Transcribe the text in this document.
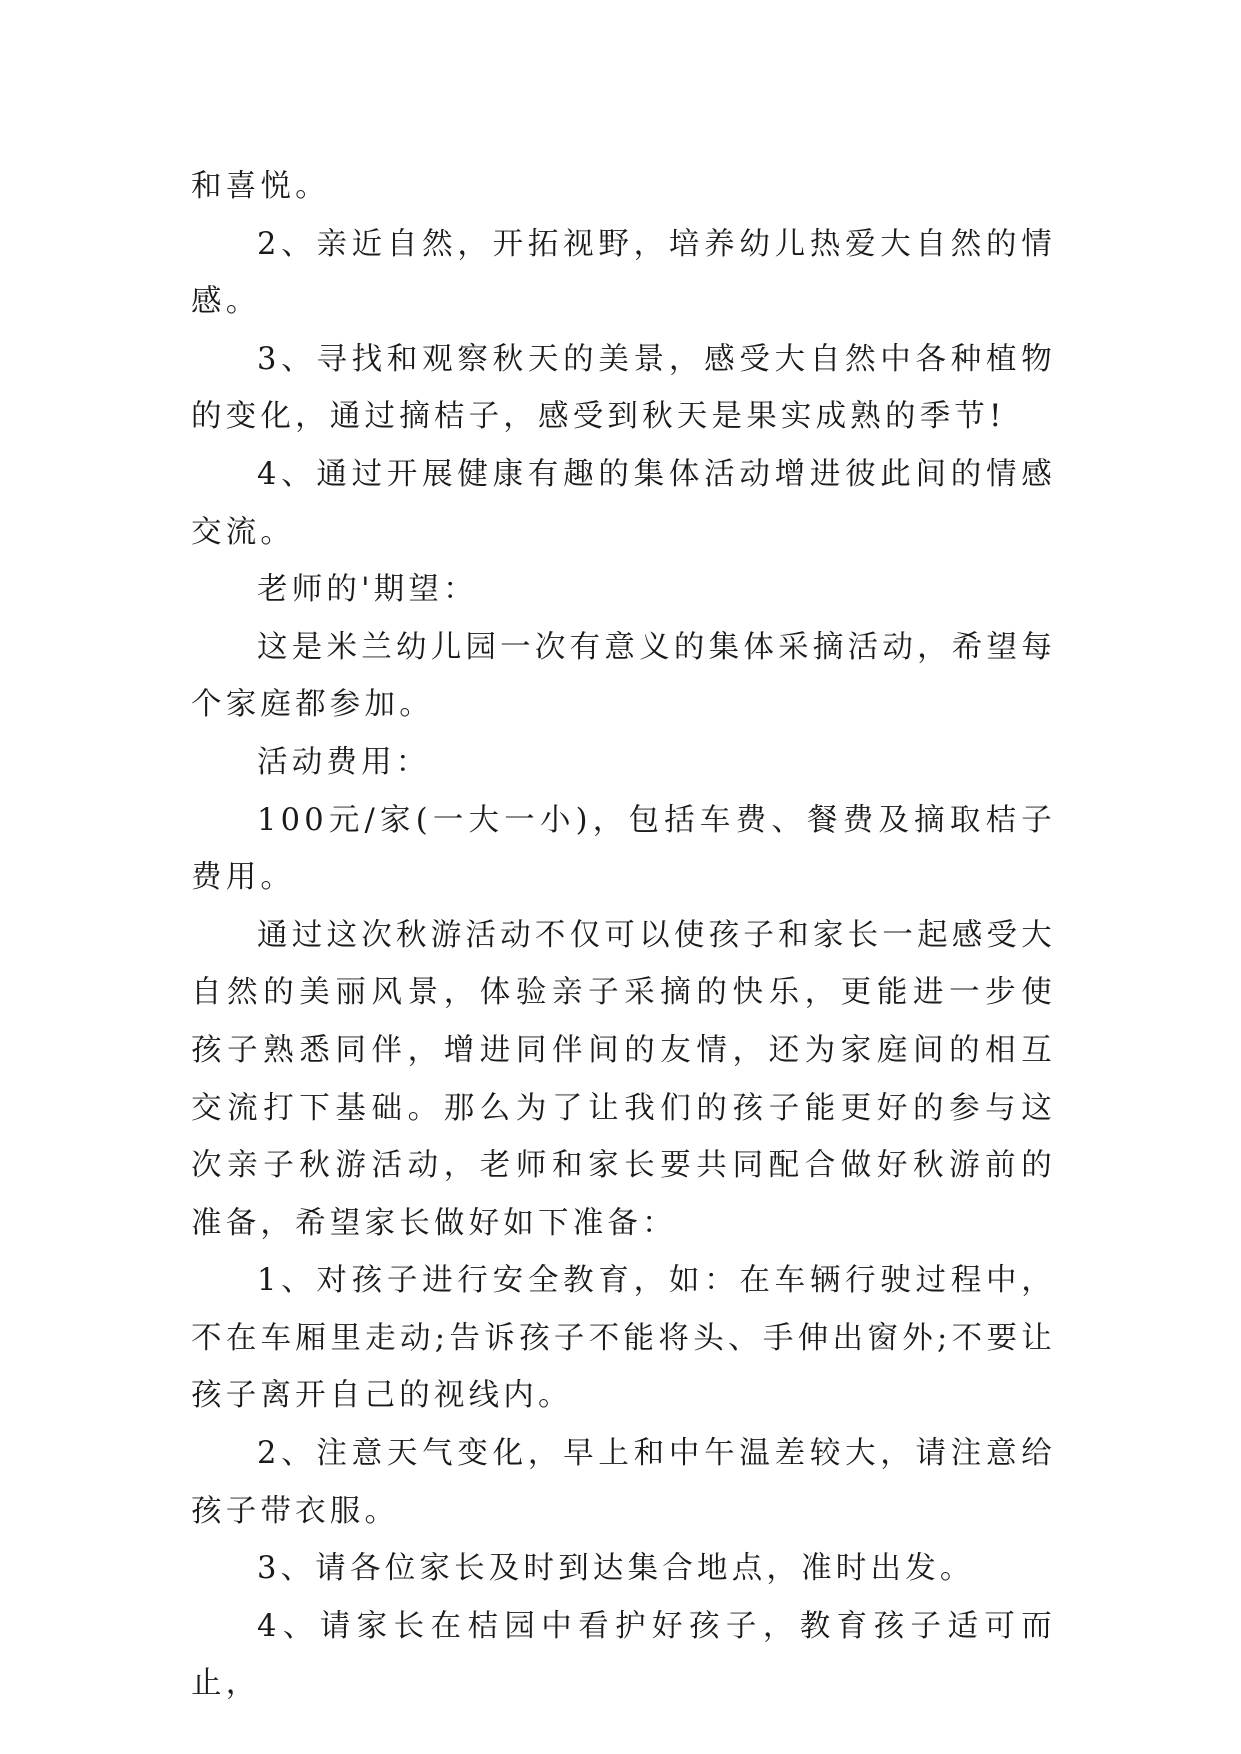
和喜悦。

2、亲近自然，开拓视野，培养幼儿热爱大自然的情感。

3、寻找和观察秋天的美景，感受大自然中各种植物的变化，通过摘桔子，感受到秋天是果实成熟的季节!

4、通过开展健康有趣的集体活动增进彼此间的情感交流。

老师的'期望：

这是米兰幼儿园一次有意义的集体采摘活动，希望每个家庭都参加。

活动费用：

100元/家(一大一小)，包括车费、餐费及摘取桔子费用。

通过这次秋游活动不仅可以使孩子和家长一起感受大自然的美丽风景，体验亲子采摘的快乐，更能进一步使孩子熟悉同伴，增进同伴间的友情，还为家庭间的相互交流打下基础。那么为了让我们的孩子能更好的参与这次亲子秋游活动，老师和家长要共同配合做好秋游前的准备，希望家长做好如下准备：

1、对孩子进行安全教育，如：在车辆行驶过程中，不在车厢里走动;告诉孩子不能将头、手伸出窗外;不要让孩子离开自己的视线内。

2、注意天气变化，早上和中午温差较大，请注意给孩子带衣服。

3、请各位家长及时到达集合地点，准时出发。

4、请家长在桔园中看护好孩子，教育孩子适可而止，
